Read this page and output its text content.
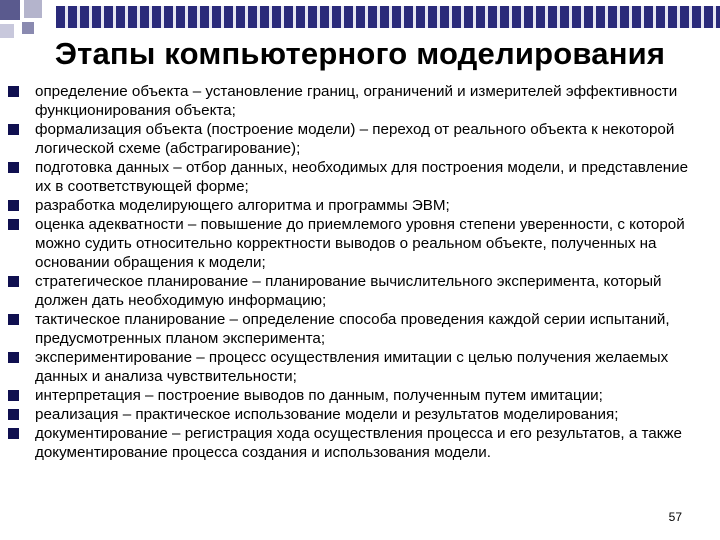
Этапы компьютерного моделирования
определение объекта – установление границ, ограничений и измерителей эффективности функционирования объекта;
формализация объекта (построение модели) – переход от реального объекта к некоторой логической схеме (абстрагирование);
подготовка данных – отбор данных, необходимых для построения модели, и представление их в соответствующей форме;
разработка моделирующего алгоритма и программы ЭВМ;
оценка адекватности – повышение до приемлемого уровня степени уверенности, с которой можно судить относительно корректности выводов о реальном объекте, полученных на основании обращения к модели;
стратегическое планирование – планирование вычислительного эксперимента, который должен дать необходимую информацию;
тактическое планирование – определение способа проведения каждой серии испытаний, предусмотренных планом эксперимента;
экспериментирование – процесс осуществления имитации с целью получения желаемых данных и анализа чувствительности;
интерпретация – построение выводов по данным, полученным путем имитации;
реализация – практическое использование модели и результатов моделирования;
документирование – регистрация хода осуществления процесса и его результатов, а также документирование процесса создания и использования модели.
57
